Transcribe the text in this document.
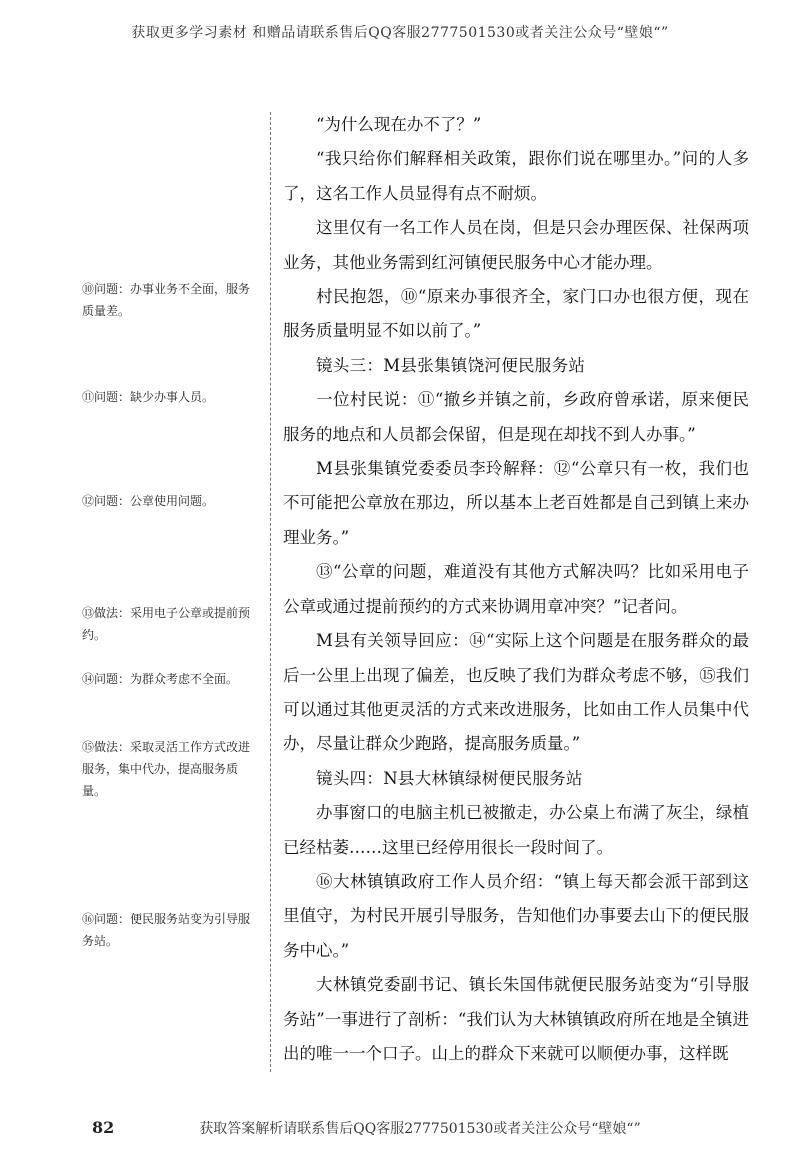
获取更多学习素材 和赠品请联系售后QQ客服2777501530或者关注公众号“壁娘“”
⑩问题：办事业务不全面，服务质量差。
⑪问题：缺少办事人员。
⑫问题：公章使用问题。
⑬做法：采用电子公章或提前预约。
⑭问题：为群众考虑不全面。
⑮做法：采取灵活工作方式改进服务，集中代办，提高服务质量。
⑯问题：便民服务站变为引导服务站。

“为什么现在办不了？”

“我只给你们解释相关政策，跟你们说在哪里办。”问的人多了，这名工作人员显得有点不耐烦。

这里仅有一名工作人员在岗，但是只会办理医保、社保两项业务，其他业务需到红河镇便民服务中心才能办理。

村民抱怨，⑩“原来办事很齐全，家门口办也很方便，现在服务质量明显不如以前了。”

镜头三：M县张集镇饶河便民服务站

一位村民说：⑪“撤乡并镇之前，乡政府曾承诺，原来便民服务的地点和人员都会保留，但是现在却找不到人办事。”

M县张集镇党委委员李玲解释：⑫“公章只有一枚，我们也不可能把公章放在那边，所以基本上老百姓都是自己到镇上来办理业务。”

⑬“公章的问题，难道没有其他方式解决吗？比如采用电子公章或通过提前预约的方式来协调用章冲突？”记者问。

M县有关领导回应：⑭“实际上这个问题是在服务群众的最后一公里上出现了偏差，也反映了我们为群众考虑不够，⑮我们可以通过其他更灵活的方式来改进服务，比如由工作人员集中代办，尽量让群众少跑路，提高服务质量。”

镜头四：N县大林镇绿树便民服务站

办事窗口的电脑主机已被撤走，办公桌上布满了灰尘，绿植已经枯萎……这里已经停用很长一段时间了。

⑯大林镇镇政府工作人员介绍：“镇上每天都会派干部到这里值守，为村民开展引导服务，告知他们办事要去山下的便民服务中心。”

大林镇党委副书记、镇长朱国伟就便民服务站变为“引导服务站”一事进行了剖析：“我们认为大林镇镇政府所在地是全镇进出的唯一一个口子。山上的群众下来就可以顺便办事，这样既

82	获取答案解析请联系售后QQ客服2777501530或者关注公众号“壁娘“”
